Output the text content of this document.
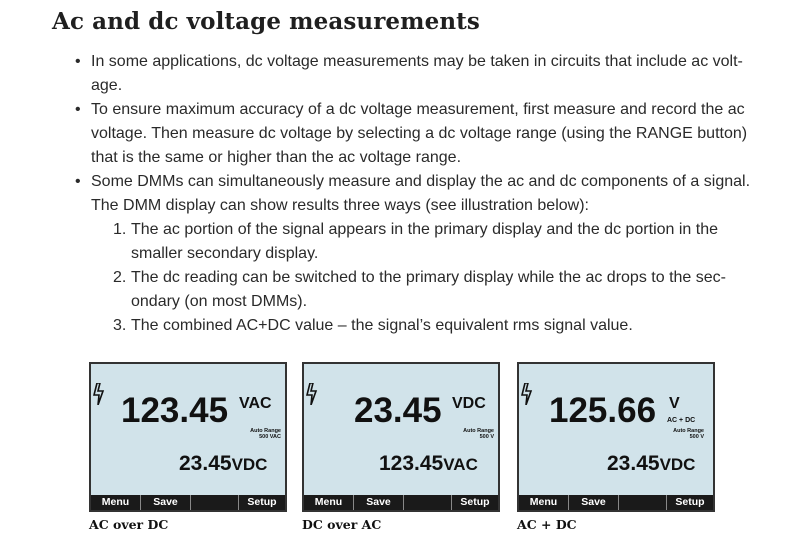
Ac and dc voltage measurements
• In some applications, dc voltage measurements may be taken in circuits that include ac volt-age.
• To ensure maximum accuracy of a dc voltage measurement, first measure and record the ac voltage. Then measure dc voltage by selecting a dc voltage range (using the RANGE button) that is the same or higher than the ac voltage range.
• Some DMMs can simultaneously measure and display the ac and dc components of a signal. The DMM display can show results three ways (see illustration below):
1. The ac portion of the signal appears in the primary display and the dc portion in the smaller secondary display.
2. The dc reading can be switched to the primary display while the ac drops to the sec-ondary (on most DMMs).
3. The combined AC+DC value – the signal’s equivalent rms signal value.
123.45 VAC
Auto Range
500 VAC
23.45VDC
Menu	Save	Setup
AC over DC
23.45 VDC
Auto Range
500 V
123.45VAC
Menu	Save	Setup
DC over AC
125.66 V
AC + DC
Auto Range
500 V
23.45VDC
Menu	Save	Setup
AC + DC
